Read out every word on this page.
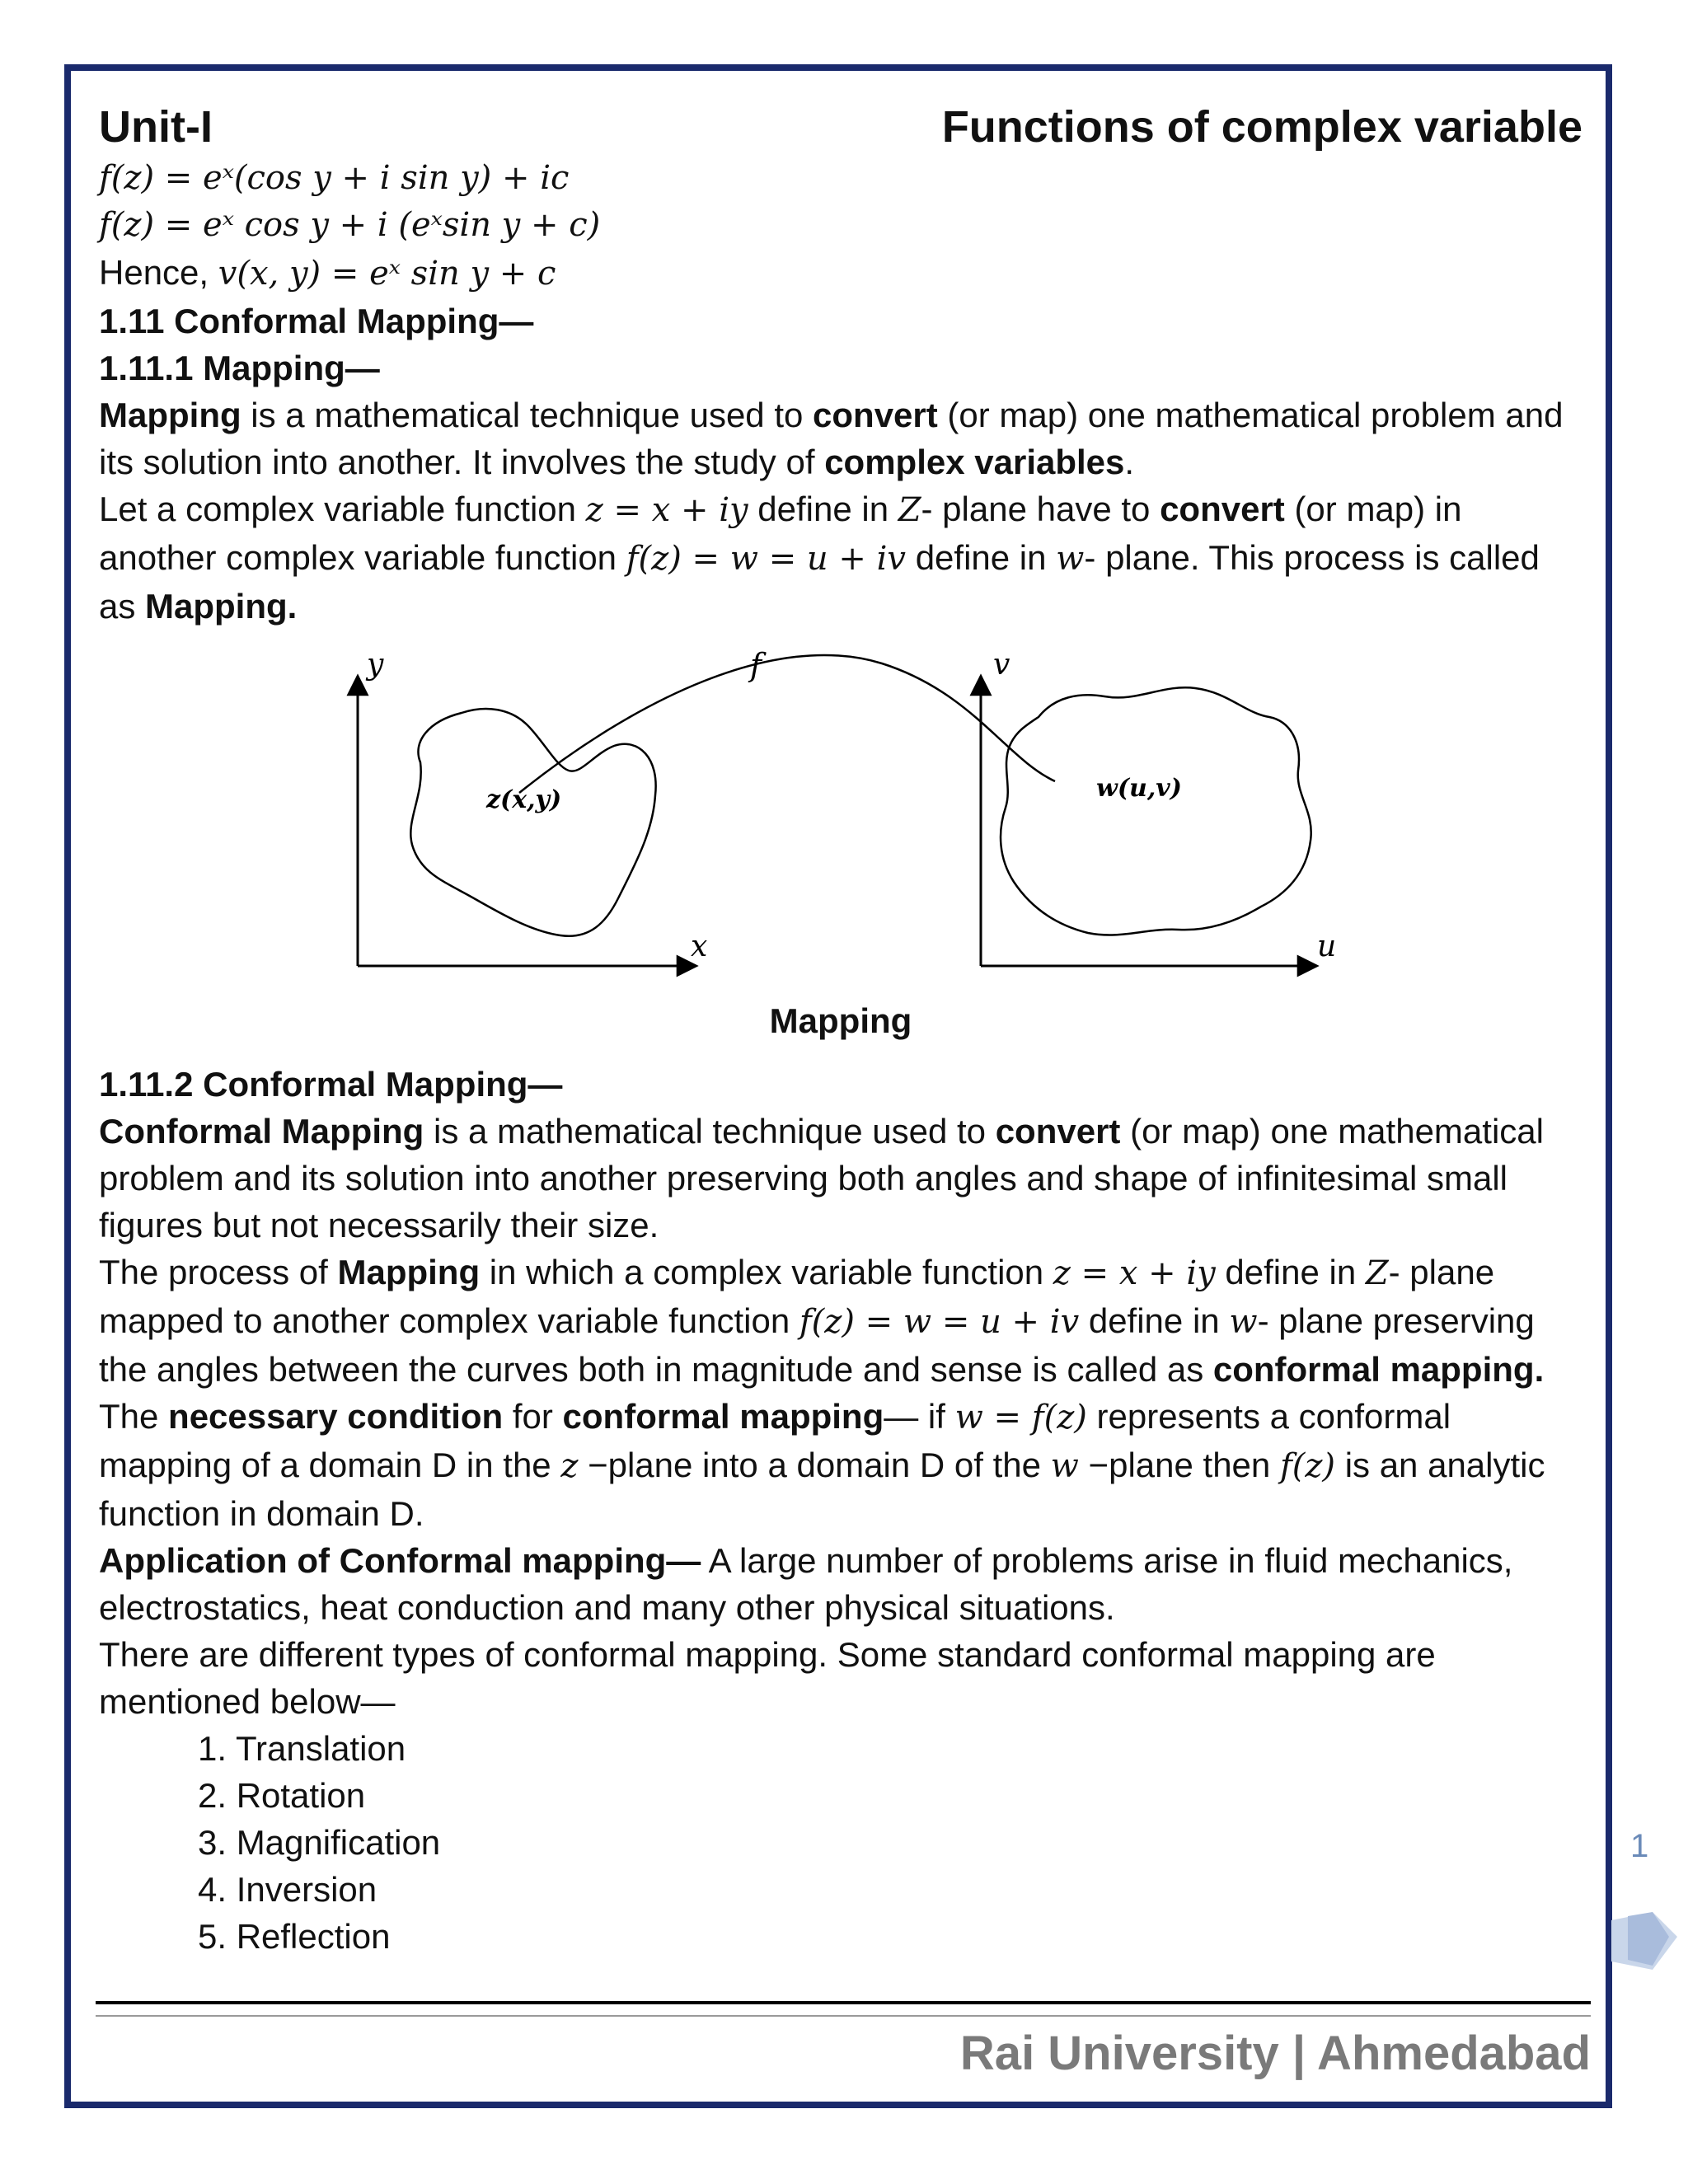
Unit-I	Functions of complex variable

f(z) = eˣ(cos y + i sin y) + ic

f(z) = eˣ cos y + i (eˣsin y + c)

Hence, v(x, y) = eˣ sin y + c

1.11 Conformal Mapping—

1.11.1 Mapping—

Mapping is a mathematical technique used to convert (or map) one mathematical problem and its solution into another. It involves the study of complex variables.

Let a complex variable function z = x + iy define in Z- plane have to convert (or map) in another complex variable function f(z) = w = u + iv define in w- plane. This process is called as Mapping.

y
x
z(x,y)
f	v
u
w(u,v)

Mapping

1.11.2 Conformal Mapping—

Conformal Mapping is a mathematical technique used to convert (or map) one mathematical problem and its solution into another preserving both angles and shape of infinitesimal small figures but not necessarily their size.

The process of Mapping in which a complex variable function z = x + iy define in Z- plane mapped to another complex variable function f(z) = w = u + iv define in w- plane preserving the angles between the curves both in magnitude and sense is called as conformal mapping.

The necessary condition for conformal mapping— if w = f(z) represents a conformal mapping of a domain D in the z −plane into a domain D of the w −plane then f(z) is an analytic function in domain D.

Application of Conformal mapping— A large number of problems arise in fluid mechanics, electrostatics, heat conduction and many other physical situations.

There are different types of conformal mapping. Some standard conformal mapping are mentioned below—

1. Translation
2. Rotation
3. Magnification
4. Inversion
5. Reflection
Rai University | Ahmedabad
1
